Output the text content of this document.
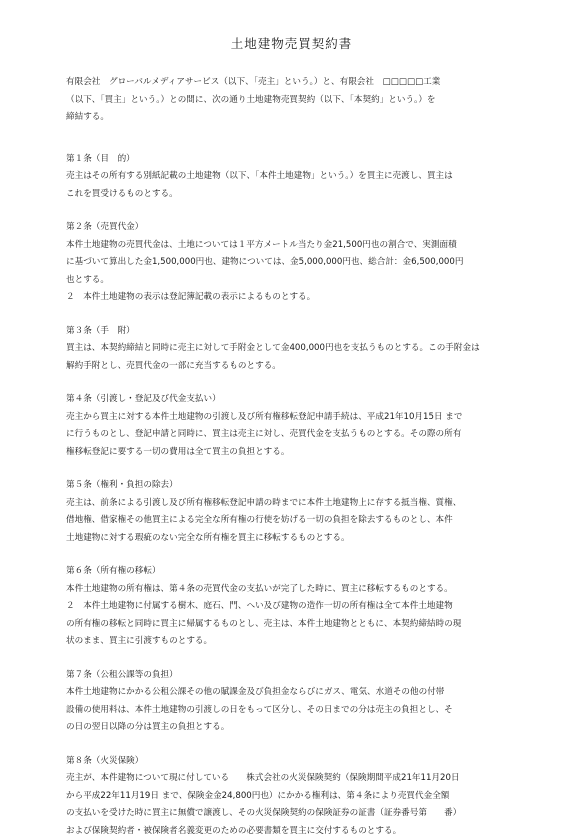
土地建物売買契約書
有限会社　グローバルメディアサービス（以下、「売主」という。）と、有限会社　□□□□□工業
（以下、「買主」という。）との間に、次の通り土地建物売買契約（以下、「本契約」という。）を
締結する。
第１条（目　的）
売主はその所有する別紙記載の土地建物（以下、「本件土地建物」という。）を買主に売渡し、買主は
これを買受けるものとする。
第２条（売買代金）
本件土地建物の売買代金は、土地については１平方メートル当たり金21,500円也の割合で、実測面積
に基づいて算出した金1,500,000円也、建物については、金5,000,000円也、総合計：金6,500,000円
也とする。
２　本件土地建物の表示は登記簿記載の表示によるものとする。
第３条（手　附）
買主は、本契約締結と同時に売主に対して手附金として金400,000円也を支払うものとする。この手附金は
解約手附とし、売買代金の一部に充当するものとする。
第４条（引渡し・登記及び代金支払い）
売主から買主に対する本件土地建物の引渡し及び所有権移転登記申請手続は、平成21年10月15日 まで
に行うものとし、登記申請と同時に、買主は売主に対し、売買代金を支払うものとする。その際の所有
権移転登記に要する一切の費用は全て買主の負担とする。
第５条（権利・負担の除去）
売主は、前条による引渡し及び所有権移転登記申請の時までに本件土地建物上に存する抵当権、質権、
借地権、借家権その他買主による完全な所有権の行使を妨げる一切の負担を除去するものとし、本件
土地建物に対する瑕疵のない完全な所有権を買主に移転するものとする。
第６条（所有権の移転）
本件土地建物の所有権は、第４条の売買代金の支払いが完了した時に、買主に移転するものとする。
２　本件土地建物に付属する樹木、庭石、門、へい及び建物の造作一切の所有権は全て本件土地建物
の所有権の移転と同時に買主に帰属するものとし、売主は、本件土地建物とともに、本契約締結時の現
状のまま、買主に引渡すものとする。
第７条（公租公課等の負担）
本件土地建物にかかる公租公課その他の賦課金及び負担金ならびにガス、電気、水道その他の付帯
設備の使用料は、本件土地建物の引渡しの日をもって区分し、その日までの分は売主の負担とし、そ
の日の翌日以降の分は買主の負担とする。
第８条（火災保険）
売主が、本件建物について現に付している　　株式会社の火災保険契約（保険期間平成21年11月20日
から平成22年11月19日 まで、保険金金24,800円也）にかかる権利は、第４条により売買代金全額
の支払いを受けた時に買主に無償で譲渡し、その火災保険契約の保険証券の証書（証券番号第　　番）
および保険契約者・被保険者名義変更のための必要書類を買主に交付するものとする。
